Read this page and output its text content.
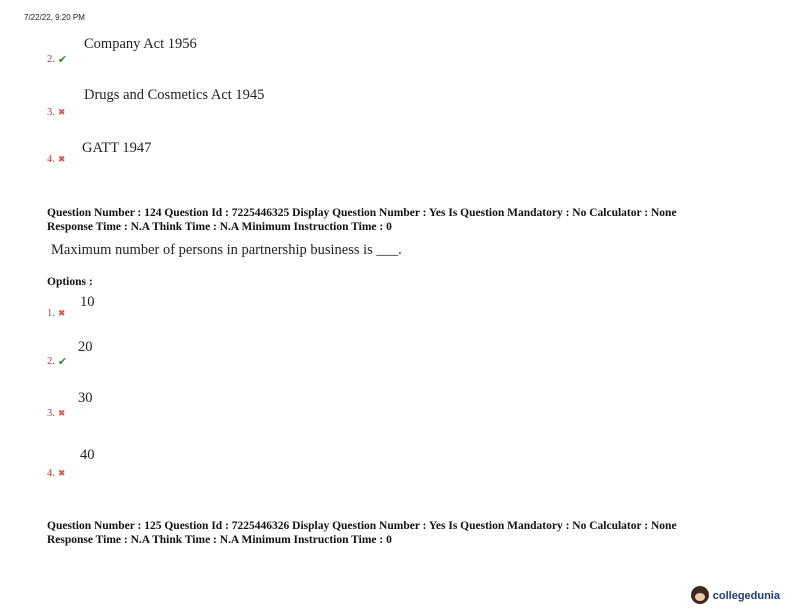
7/22/22, 9:20 PM
Company Act 1956
2. ✔
Drugs and Cosmetics Act 1945
3. ✖
GATT 1947
4. ✖
Question Number : 124 Question Id : 7225446325 Display Question Number : Yes Is Question Mandatory : No Calculator : None
Response Time : N.A Think Time : N.A Minimum Instruction Time : 0
Maximum number of persons in partnership business is ___.
Options :
10
1. ✖
20
2. ✔
30
3. ✖
40
4. ✖
Question Number : 125 Question Id : 7225446326 Display Question Number : Yes Is Question Mandatory : No Calculator : None
Response Time : N.A Think Time : N.A Minimum Instruction Time : 0
collegedunia
